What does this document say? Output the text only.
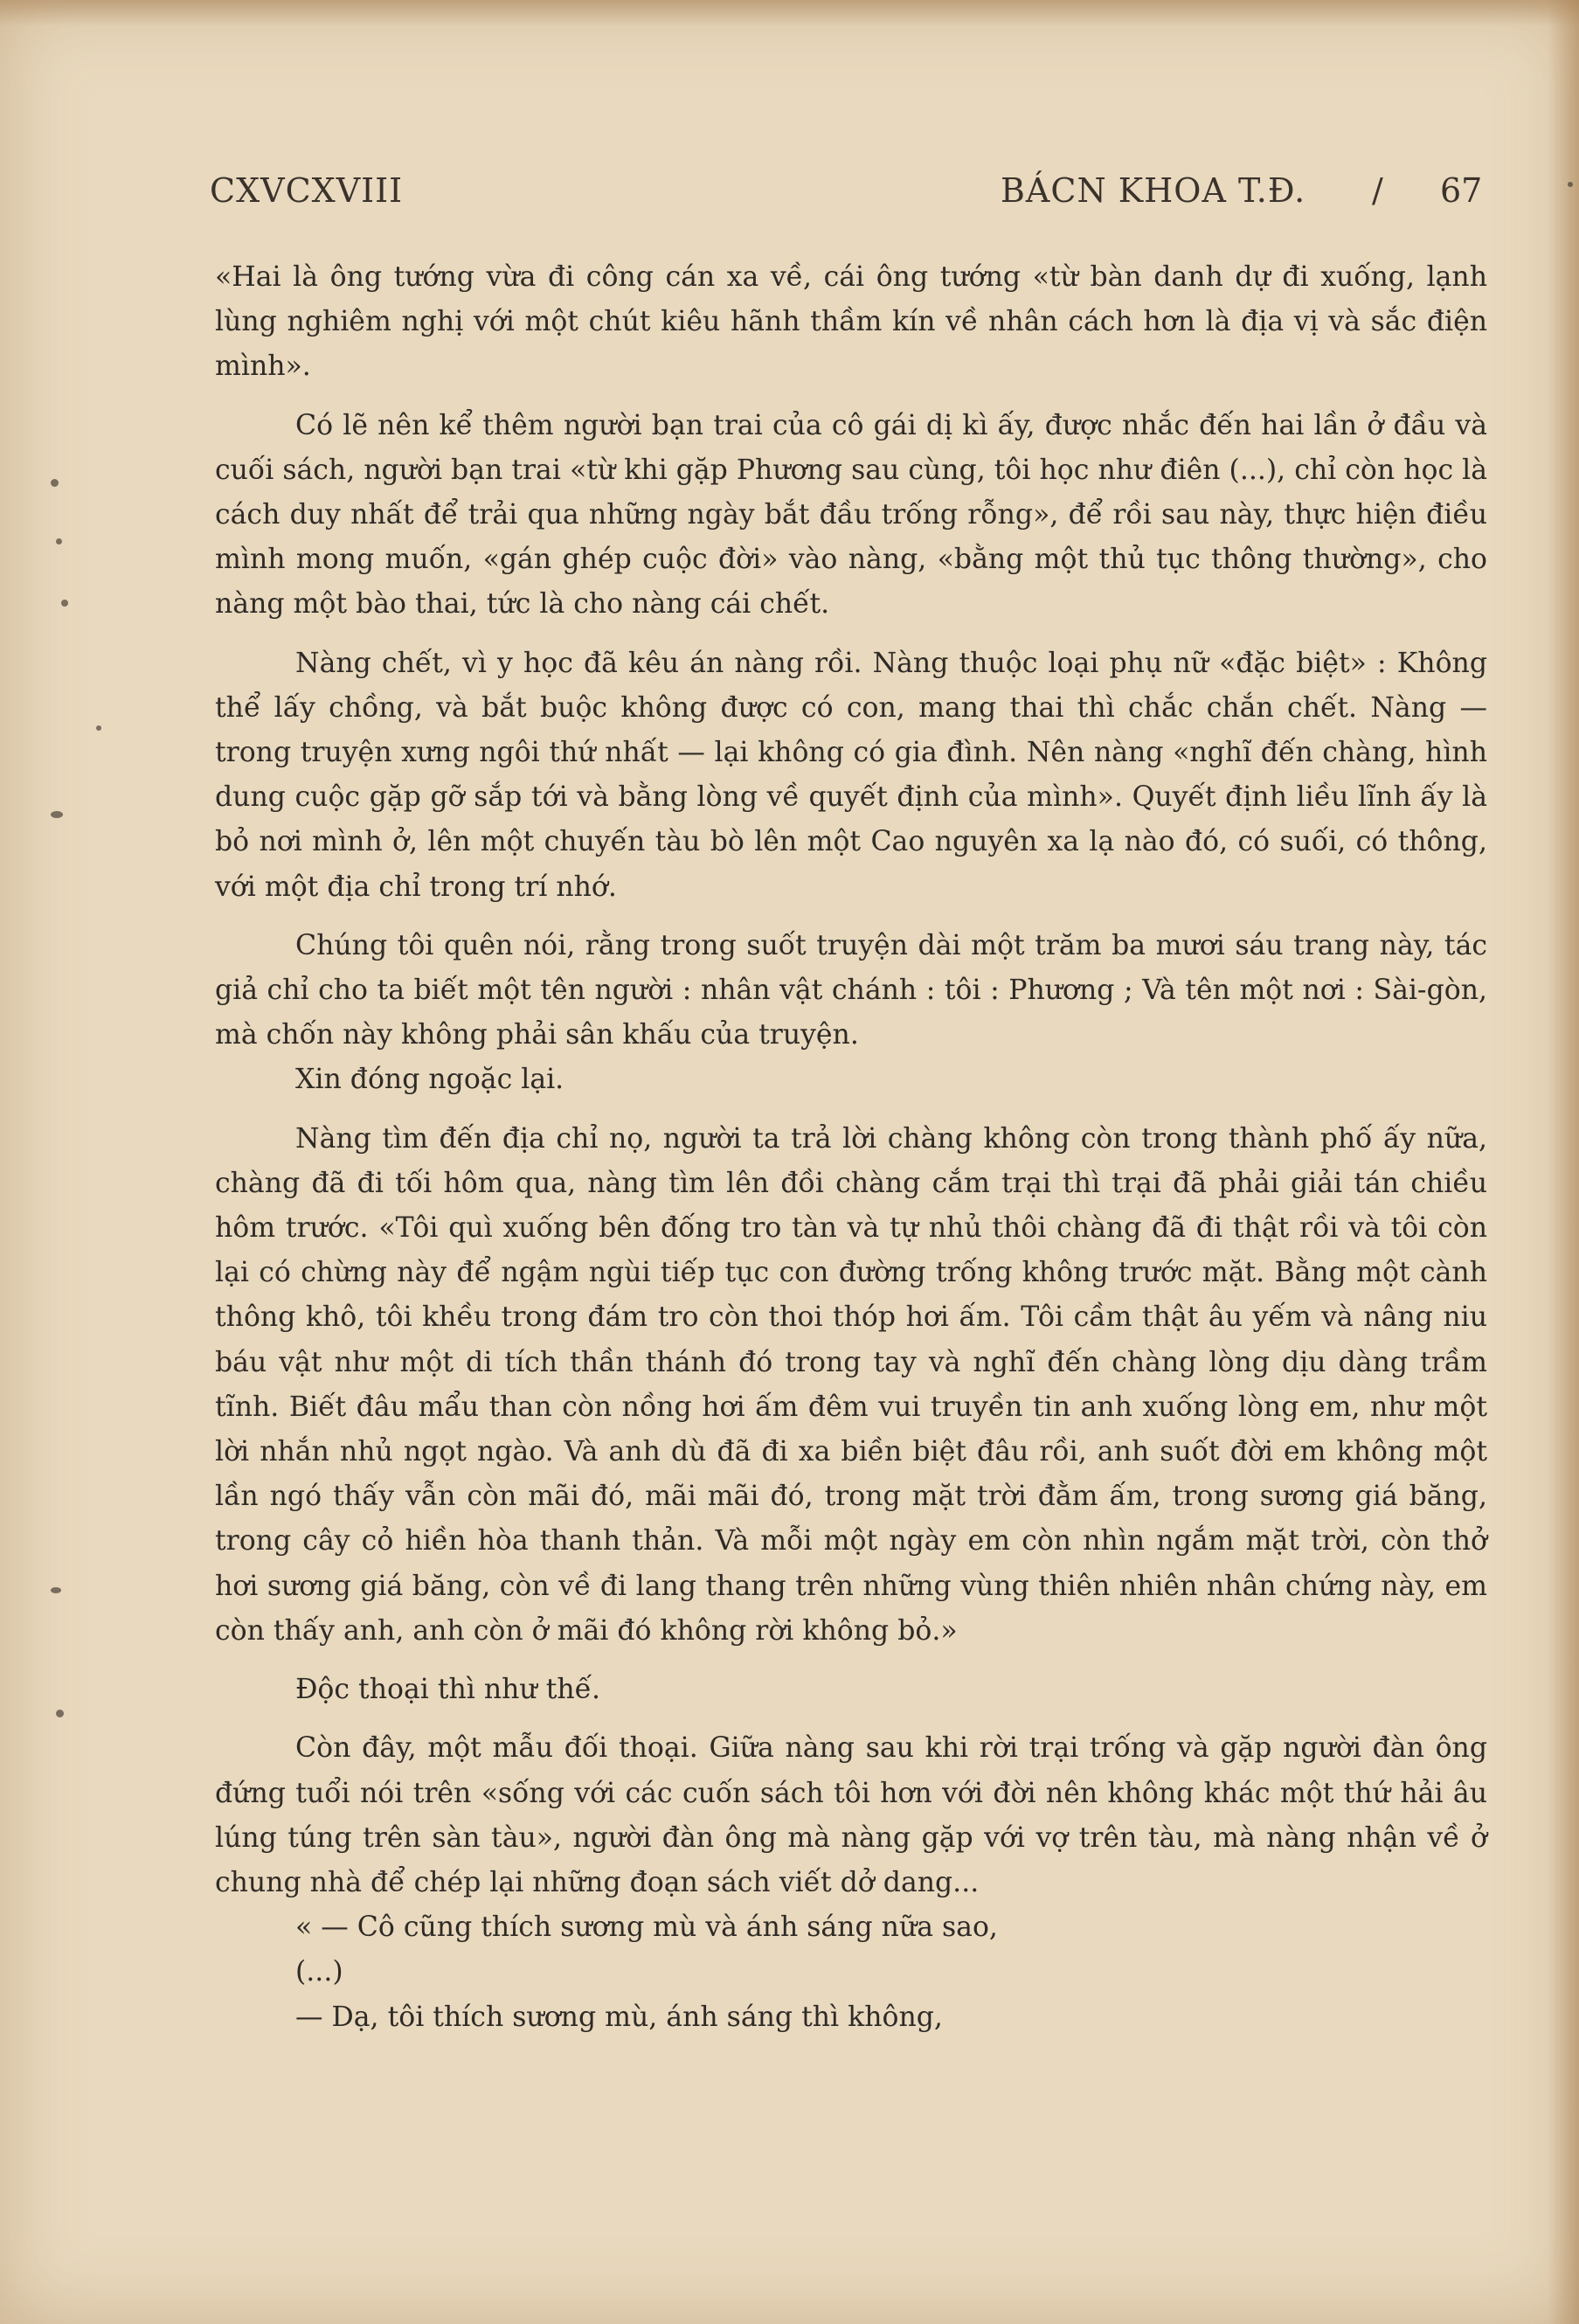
CXVCXVIII	BÁCN KHOA T.Đ. / 67

«Hai là ông tướng vừa đi công cán xa về, cái ông tướng «từ bàn danh dự đi xuống, lạnh lùng nghiêm nghị với một chút kiêu hãnh thầm kín về nhân cách hơn là địa vị và sắc điện mình».

Có lẽ nên kể thêm người bạn trai của cô gái dị kì ấy, được nhắc đến hai lần ở đầu và cuối sách, người bạn trai «từ khi gặp Phương sau cùng, tôi học như điên (...), chỉ còn học là cách duy nhất để trải qua những ngày bắt đầu trống rỗng», để rồi sau này, thực hiện điều mình mong muốn, «gán ghép cuộc đời» vào nàng, «bằng một thủ tục thông thường», cho nàng một bào thai, tức là cho nàng cái chết.

Nàng chết, vì y học đã kêu án nàng rồi. Nàng thuộc loại phụ nữ «đặc biệt» : Không thể lấy chồng, và bắt buộc không được có con, mang thai thì chắc chắn chết. Nàng — trong truyện xưng ngôi thứ nhất — lại không có gia đình. Nên nàng «nghĩ đến chàng, hình dung cuộc gặp gỡ sắp tới và bằng lòng về quyết định của mình». Quyết định liều lĩnh ấy là bỏ nơi mình ở, lên một chuyến tàu bò lên một Cao nguyên xa lạ nào đó, có suối, có thông, với một địa chỉ trong trí nhớ.

Chúng tôi quên nói, rằng trong suốt truyện dài một trăm ba mươi sáu trang này, tác giả chỉ cho ta biết một tên người : nhân vật chánh : tôi : Phương ; Và tên một nơi : Sài-gòn, mà chốn này không phải sân khấu của truyện.

Xin đóng ngoặc lại.

Nàng tìm đến địa chỉ nọ, người ta trả lời chàng không còn trong thành phố ấy nữa, chàng đã đi tối hôm qua, nàng tìm lên đồi chàng cắm trại thì trại đã phải giải tán chiều hôm trước. «Tôi quì xuống bên đống tro tàn và tự nhủ thôi chàng đã đi thật rồi và tôi còn lại có chừng này để ngậm ngùi tiếp tục con đường trống không trước mặt. Bằng một cành thông khô, tôi khều trong đám tro còn thoi thóp hơi ấm. Tôi cầm thật âu yếm và nâng niu báu vật như một di tích thần thánh đó trong tay và nghĩ đến chàng lòng dịu dàng trầm tĩnh. Biết đâu mẩu than còn nồng hơi ấm đêm vui truyền tin anh xuống lòng em, như một lời nhắn nhủ ngọt ngào. Và anh dù đã đi xa biền biệt đâu rồi, anh suốt đời em không một lần ngó thấy vẫn còn mãi đó, mãi mãi đó, trong mặt trời đằm ấm, trong sương giá băng, trong cây cỏ hiền hòa thanh thản. Và mỗi một ngày em còn nhìn ngắm mặt trời, còn thở hơi sương giá băng, còn về đi lang thang trên những vùng thiên nhiên nhân chứng này, em còn thấy anh, anh còn ở mãi đó không rời không bỏ.»

Độc thoại thì như thế.

Còn đây, một mẫu đối thoại. Giữa nàng sau khi rời trại trống và gặp người đàn ông đứng tuổi nói trên «sống với các cuốn sách tôi hơn với đời nên không khác một thứ hải âu lúng túng trên sàn tàu», người đàn ông mà nàng gặp với vợ trên tàu, mà nàng nhận về ở chung nhà để chép lại những đoạn sách viết dở dang...

« — Cô cũng thích sương mù và ánh sáng nữa sao,

(...)

— Dạ, tôi thích sương mù, ánh sáng thì không,
